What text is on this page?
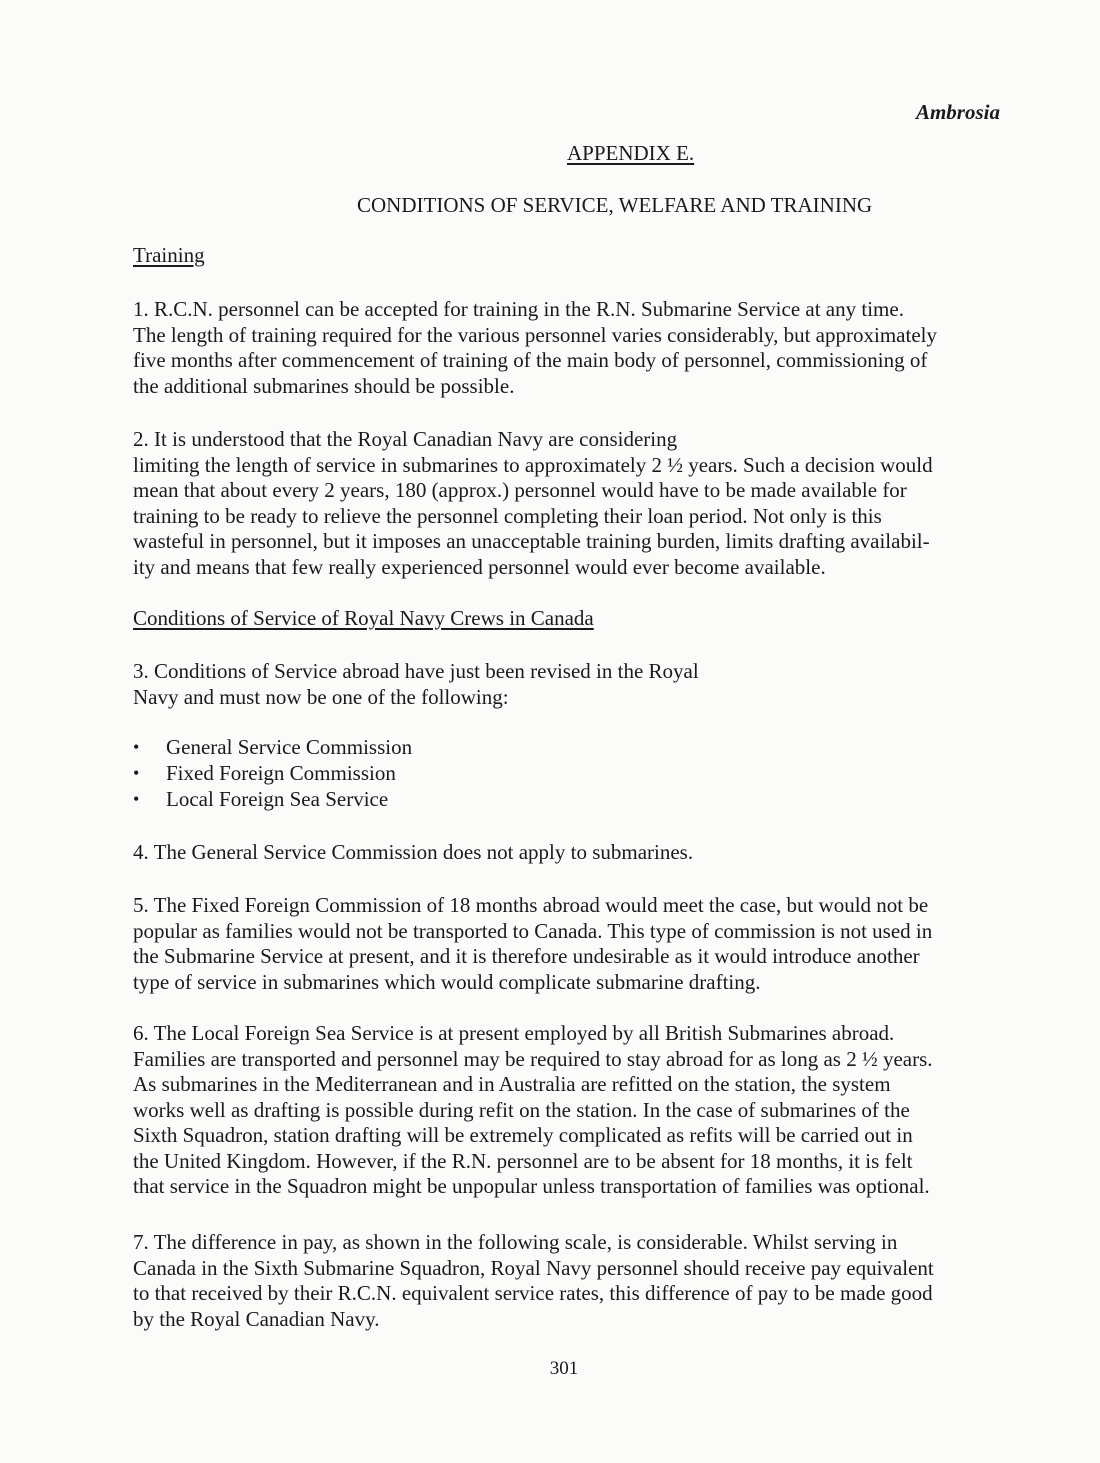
Ambrosia
APPENDIX E.
CONDITIONS OF SERVICE, WELFARE AND TRAINING
Training

1. R.C.N. personnel can be accepted for training in the R.N. Submarine Service at any time.
The length of training required for the various personnel varies considerably, but approximately
five months after commencement of training of the main body of personnel, commissioning of
the additional submarines should be possible.

2. It is understood that the Royal Canadian Navy are considering
limiting the length of service in submarines to approximately 2 ½ years. Such a decision would
mean that about every 2 years, 180 (approx.) personnel would have to be made available for
training to be ready to relieve the personnel completing their loan period. Not only is this
wasteful in personnel, but it imposes an unacceptable training burden, limits drafting availabil-
ity and means that few really experienced personnel would ever become available.

Conditions of Service of Royal Navy Crews in Canada

3. Conditions of Service abroad have just been revised in the Royal
Navy and must now be one of the following:

• General Service Commission
• Fixed Foreign Commission
• Local Foreign Sea Service

4. The General Service Commission does not apply to submarines.

5. The Fixed Foreign Commission of 18 months abroad would meet the case, but would not be
popular as families would not be transported to Canada. This type of commission is not used in
the Submarine Service at present, and it is therefore undesirable as it would introduce another
type of service in submarines which would complicate submarine drafting.

6. The Local Foreign Sea Service is at present employed by all British Submarines abroad.
Families are transported and personnel may be required to stay abroad for as long as 2 ½ years.
As submarines in the Mediterranean and in Australia are refitted on the station, the system
works well as drafting is possible during refit on the station. In the case of submarines of the
Sixth Squadron, station drafting will be extremely complicated as refits will be carried out in
the United Kingdom. However, if the R.N. personnel are to be absent for 18 months, it is felt
that service in the Squadron might be unpopular unless transportation of families was optional.

7. The difference in pay, as shown in the following scale, is considerable. Whilst serving in
Canada in the Sixth Submarine Squadron, Royal Navy personnel should receive pay equivalent
to that received by their R.C.N. equivalent service rates, this difference of pay to be made good
by the Royal Canadian Navy.

301
